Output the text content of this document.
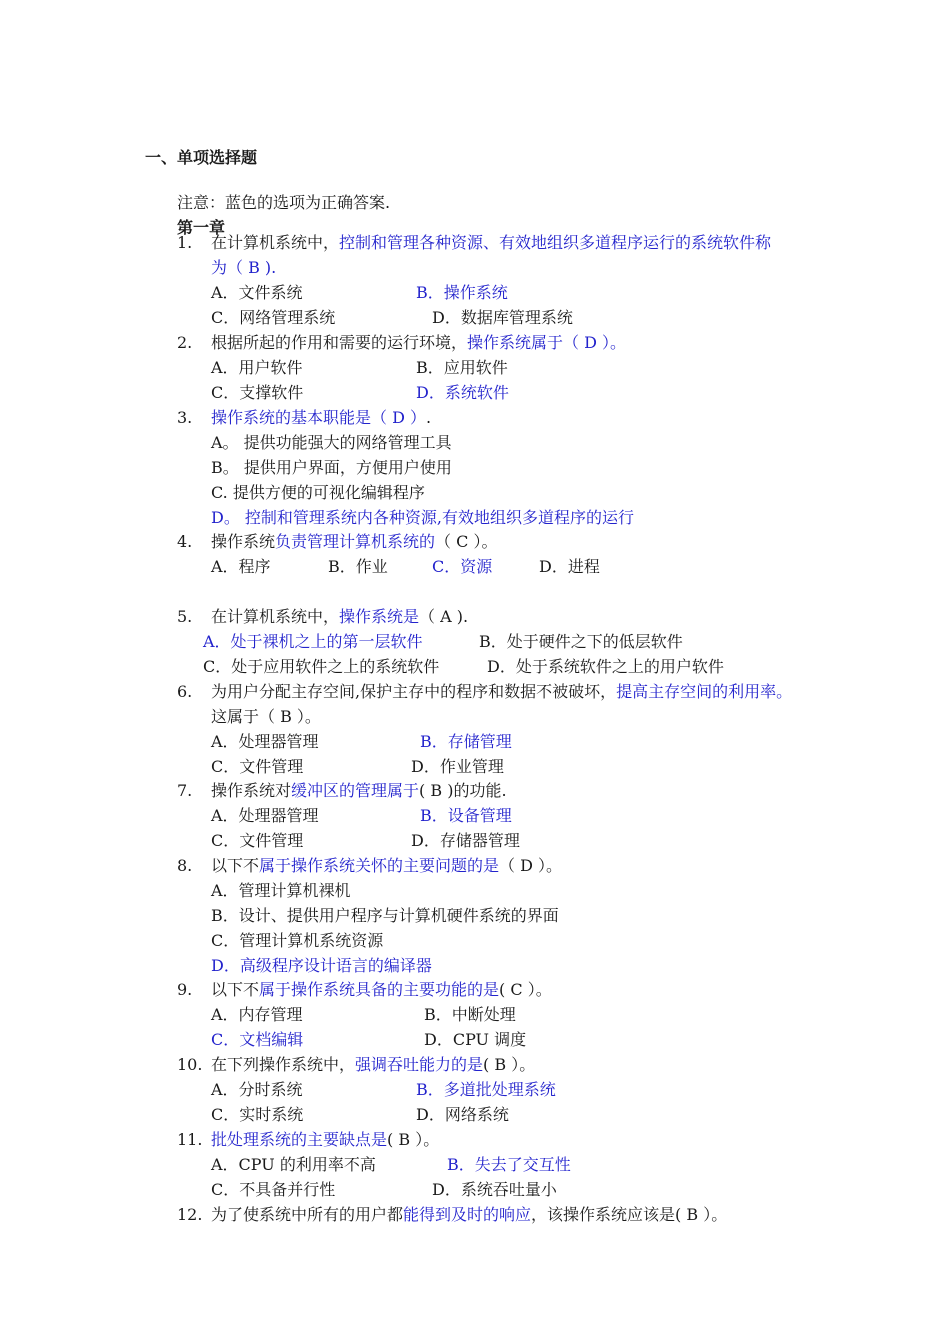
一、单项选择题
注意：蓝色的选项为正确答案.
第一章
1. 在计算机系统中，控制和管理各种资源、有效地组织多道程序运行的系统软件称
为（ B ).
A．文件系统	B．操作系统
C．网络管理系统	D．数据库管理系统
2. 根据所起的作用和需要的运行环境，操作系统属于（ D ）。
A．用户软件	B．应用软件
C．支撑软件	D．系统软件
3. 操作系统的基本职能是（ D ）.
A。 提供功能强大的网络管理工具
B。 提供用户界面，方便用户使用
C. 提供方便的可视化编辑程序
D。 控制和管理系统内各种资源,有效地组织多道程序的运行
4. 操作系统负责管理计算机系统的（ C ）。
A．程序	B．作业	C．资源	D．进程
5. 在计算机系统中，操作系统是（ A ).
A．处于裸机之上的第一层软件	B．处于硬件之下的低层软件
C．处于应用软件之上的系统软件	D．处于系统软件之上的用户软件
6. 为用户分配主存空间,保护主存中的程序和数据不被破坏，提高主存空间的利用率。
这属于（ B ）。
A．处理器管理	B．存储管理
C．文件管理	D．作业管理
7. 操作系统对缓冲区的管理属于( B )的功能.
A．处理器管理	B．设备管理
C．文件管理	D．存储器管理
8. 以下不属于操作系统关怀的主要问题的是（ D ）。
A．管理计算机裸机
B．设计、提供用户程序与计算机硬件系统的界面
C．管理计算机系统资源
D．高级程序设计语言的编译器
9. 以下不属于操作系统具备的主要功能的是( C ）。
A．内存管理	B．中断处理
C．文档编辑	D．CPU 调度
10. 在下列操作系统中，强调吞吐能力的是( B ）。
A．分时系统	B．多道批处理系统
C．实时系统	D．网络系统
11. 批处理系统的主要缺点是( B ）。
A．CPU 的利用率不高	B．失去了交互性
C．不具备并行性	D．系统吞吐量小
12. 为了使系统中所有的用户都能得到及时的响应，该操作系统应该是( B ）。
